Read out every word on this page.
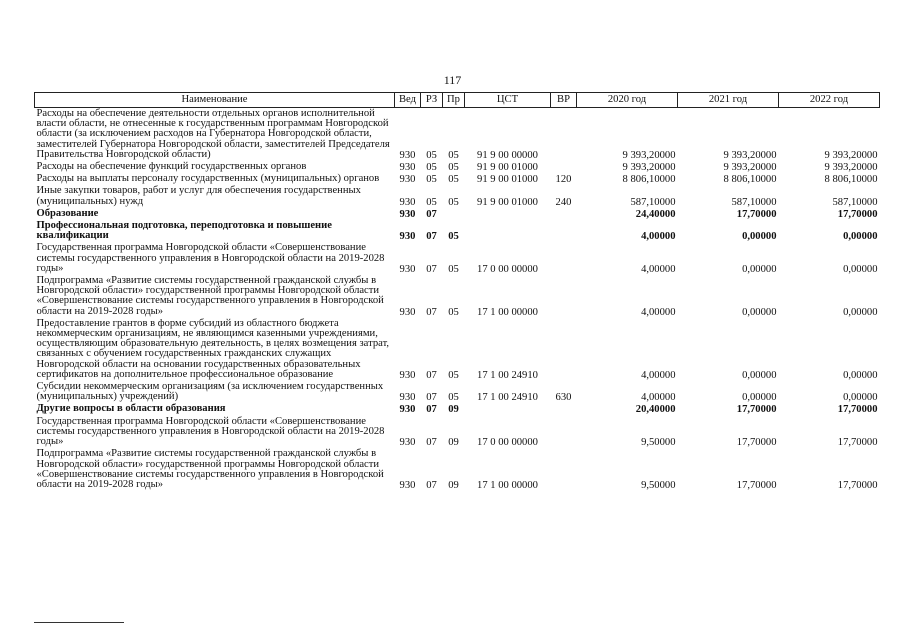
117
Наименование	Вед	РЗ	Пр	ЦСТ	ВР	2020 год	2021 год	2022 год
Расходы на обеспечение деятельности отдельных органов исполнительной власти области, не отнесенные к государственным программам Новгородской области (за исключением расходов на Губернатора Новгородской области, заместителей Губернатора Новгородской области, заместителей Председателя Правительства Новгородской области)	930	05	05	91 9 00 00000		9 393,20000	9 393,20000	9 393,20000
Расходы на обеспечение функций государственных органов	930	05	05	91 9 00 01000		9 393,20000	9 393,20000	9 393,20000
Расходы на выплаты персоналу государственных (муниципальных) органов	930	05	05	91 9 00 01000	120	8 806,10000	8 806,10000	8 806,10000
Иные закупки товаров, работ и услуг для обеспечения государственных (муниципальных) нужд	930	05	05	91 9 00 01000	240	587,10000	587,10000	587,10000
Образование	930	07				24,40000	17,70000	17,70000
Профессиональная подготовка, переподготовка и повышение квалификации	930	07	05			4,00000	0,00000	0,00000
Государственная программа Новгородской области «Совершенствование системы государственного управления в Новгородской области на 2019-2028 годы»	930	07	05	17 0 00 00000		4,00000	0,00000	0,00000
Подпрограмма «Развитие системы государственной гражданской службы в Новгородской области» государственной программы Новгородской области «Совершенствование системы государственного управления в Новгородской области на 2019-2028 годы»	930	07	05	17 1 00 00000		4,00000	0,00000	0,00000
Предоставление грантов в форме субсидий из областного бюджета некоммерческим организациям, не являющимся казенными учреждениями, осуществляющим образовательную деятельность, в целях возмещения затрат, связанных с обучением государственных гражданских служащих Новгородской области на основании государственных образовательных сертификатов на дополнительное профессиональное образование	930	07	05	17 1 00 24910		4,00000	0,00000	0,00000
Субсидии некоммерческим организациям (за исключением государственных (муниципальных) учреждений)	930	07	05	17 1 00 24910	630	4,00000	0,00000	0,00000
Другие вопросы в области образования	930	07	09			20,40000	17,70000	17,70000
Государственная программа Новгородской области «Совершенствование системы государственного управления в Новгородской области на 2019-2028 годы»	930	07	09	17 0 00 00000		9,50000	17,70000	17,70000
Подпрограмма «Развитие системы государственной гражданской службы в Новгородской области» государственной программы Новгородской области «Совершенствование системы государственного управления в Новгородской области на 2019-2028 годы»	930	07	09	17 1 00 00000		9,50000	17,70000	17,70000
